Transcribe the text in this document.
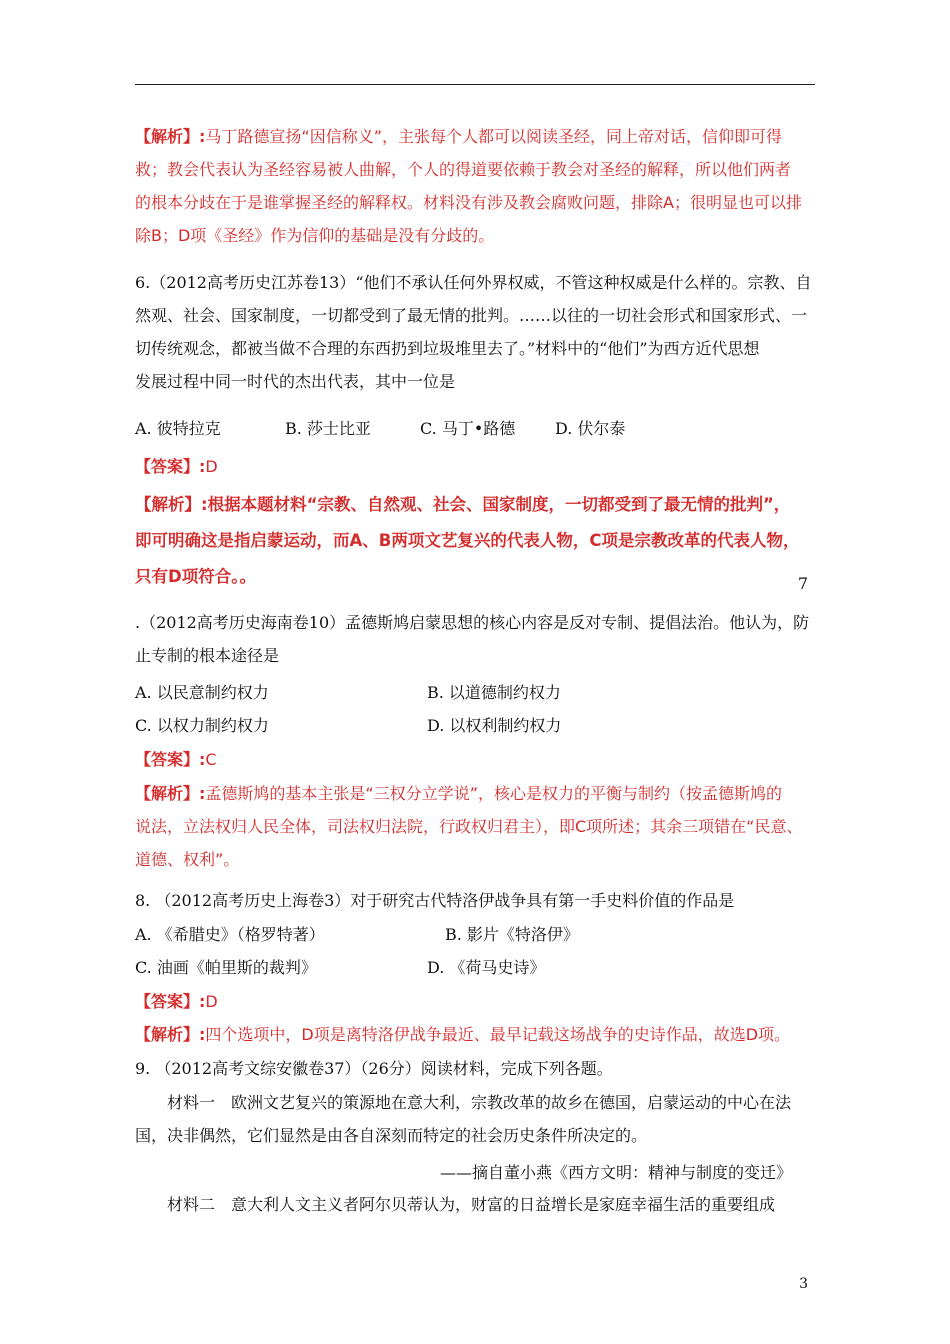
【解析】:马丁路德宣扬“因信称义”，主张每个人都可以阅读圣经，同上帝对话，信仰即可得
救；教会代表认为圣经容易被人曲解，个人的得道要依赖于教会对圣经的解释，所以他们两者
的根本分歧在于是谁掌握圣经的解释权。材料没有涉及教会腐败问题，排除A；很明显也可以排
除B；D项《圣经》作为信仰的基础是没有分歧的。
6.（2012高考历史江苏卷13）“他们不承认任何外界权威，不管这种权威是什么样的。宗教、自
然观、社会、国家制度，一切都受到了最无情的批判。……以往的一切社会形式和国家形式、一
切传统观念，都被当做不合理的东西扔到垃圾堆里去了。”材料中的“他们”为西方近代思想
发展过程中同一时代的杰出代表，其中一位是
A. 彼特拉克	B. 莎士比亚	C. 马丁•路德	D. 伏尔泰
【答案】:D
【解析】:根据本题材料“宗教、自然观、社会、国家制度，一切都受到了最无情的批判”，
即可明确这是指启蒙运动，而A、B两项文艺复兴的代表人物，C项是宗教改革的代表人物，
只有D项符合。。	7
.（2012高考历史海南卷10）孟德斯鸠启蒙思想的核心内容是反对专制、提倡法治。他认为，防
止专制的根本途径是
A. 以民意制约权力	B. 以道德制约权力
C. 以权力制约权力	D. 以权利制约权力
【答案】:C
【解析】:孟德斯鸠的基本主张是“三权分立学说”，核心是权力的平衡与制约（按孟德斯鸠的
说法，立法权归人民全体，司法权归法院，行政权归君主），即C项所述；其余三项错在“民意、
道德、权利”。
8. （2012高考历史上海卷3）对于研究古代特洛伊战争具有第一手史料价值的作品是
A. 《希腊史》（格罗特著）	B. 影片《特洛伊》
C. 油画《帕里斯的裁判》	D. 《荷马史诗》
【答案】:D
【解析】:四个选项中，D项是离特洛伊战争最近、最早记载这场战争的史诗作品，故选D项。
9. （2012高考文综安徽卷37）（26分）阅读材料，完成下列各题。
材料一　欧洲文艺复兴的策源地在意大利，宗教改革的故乡在德国，启蒙运动的中心在法
国，决非偶然，它们显然是由各自深刻而特定的社会历史条件所决定的。
——摘自董小燕《西方文明：精神与制度的变迁》
材料二　意大利人文主义者阿尔贝蒂认为，财富的日益增长是家庭幸福生活的重要组成
3
